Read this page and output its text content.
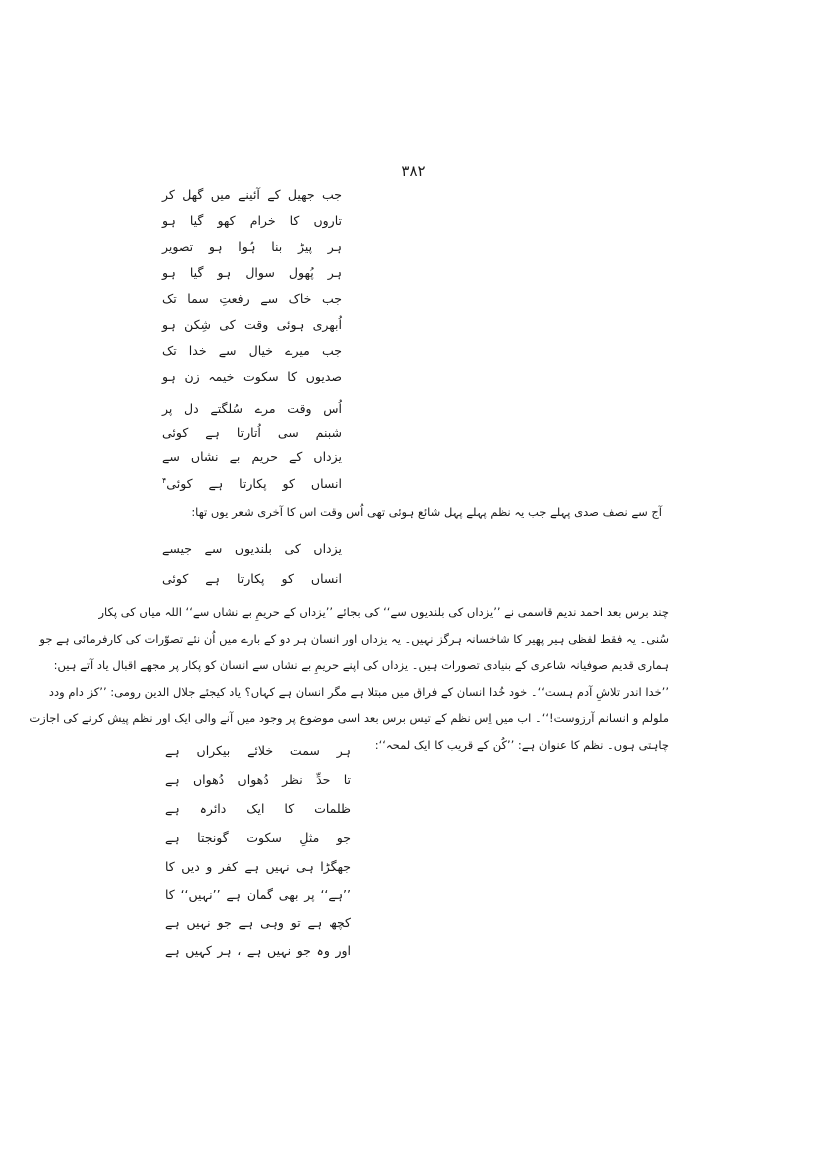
۳۸۲
جب جھیل کے آئینے میں گھل کر
تاروں کا خرام کھو گیا ہو
ہر پیڑ بنا ہُوا ہو تصویر
ہر پُھول سوال ہو گیا ہو
جب خاک سے رفعتِ سما تک
اُبھری ہوئی وقت کی شِکن ہو
جب میرے خیال سے خدا تک
صدیوں کا سکوت خیمہ زن ہو
اُس وقت مرے سُلگتے دل پر
شبنم سی اُتارتا ہے کوئی
یزداں کے حریم بے نشاں سے
انساں کو پکارتا ہے کوئی$^۴$
آج سے نصف صدی پہلے جب یہ نظم پہلے پہل شائع ہوئی تھی اُس وقت اس کا آخری شعر یوں تھا:
یزداں کی بلندیوں سے جیسے
انساں کو پکارتا ہے کوئی
چند برس بعد احمد ندیم قاسمی نے ’’یزداں کی بلندیوں سے‘‘ کی بجائے ’’یزداں کے حریمِ بے نشاں سے‘‘ اللہ میاں کی پکار
سُنی۔ یہ فقط لفظی ہیر پھیر کا شاخسانہ ہرگز نہیں۔ یہ یزداں اور انسان ہر دو کے بارے میں اُن نئے تصوّرات کی کارفرمائی ہے جو
ہماری قدیم صوفیانہ شاعری کے بنیادی تصورات ہیں۔ یزداں کی اپنے حریمِ بے نشاں سے انسان کو پکار پر مجھے اقبال یاد آتے ہیں:
’’خدا اندر تلاشِ آدم ہست‘‘۔ خود خُدا انسان کے فراق میں مبتلا ہے مگر انسان ہے کہاں؟ یاد کیجئے جلال الدین رومی: ’’کز دام ودد
ملولم و انسانم آرزوست!‘‘۔ اب میں اِس نظم کے تیس برس بعد اسی موضوع پر وجود میں آنے والی ایک اور نظم پیش کرنے کی اجازت
چاہتی ہوں۔ نظم کا عنوان ہے: ’’کُن کے قریب کا ایک لمحہ‘‘:
ہر سمت خلائے بیکراں ہے
تا حدِّ نظر دُھواں دُھواں ہے
ظلمات کا ایک دائرہ ہے
جو مثلِ سکوت گونجتا ہے
جھگڑا ہی نہیں ہے کفر و دیں کا
’’ہے‘‘ پر بھی گمان ہے ’’نہیں‘‘ کا
کچھ ہے تو وہی ہے جو نہیں ہے
اور وہ جو نہیں ہے ، ہر کہیں ہے
